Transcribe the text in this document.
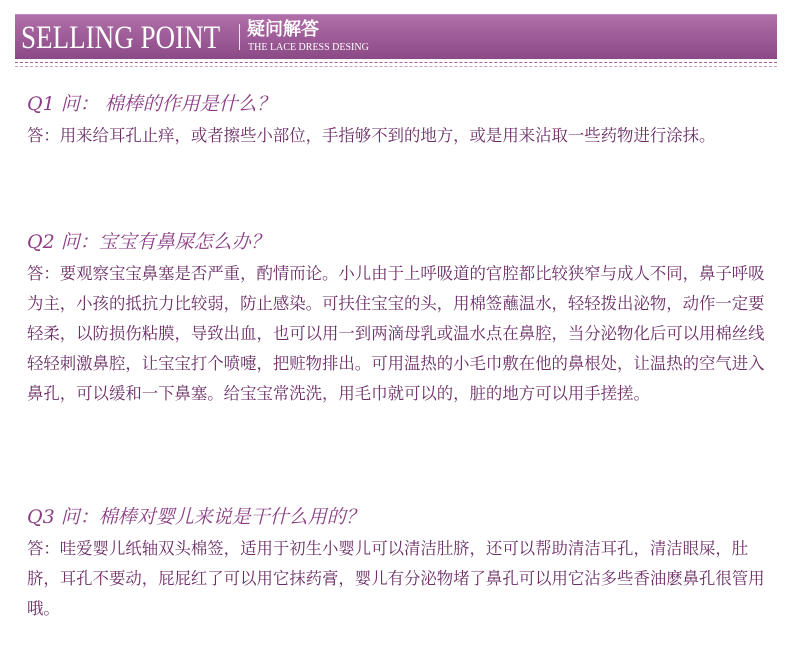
SELLING POINT 疑问解答
THE LACE DRESS DESING
Q1 问： 棉棒的作用是什么？
答：用来给耳孔止痒，或者擦些小部位，手指够不到的地方，或是用来沾取一些药物进行涂抹。
Q2 问：宝宝有鼻屎怎么办？
答：要观察宝宝鼻塞是否严重，酌情而论。小儿由于上呼吸道的官腔都比较狭窄与成人不同，鼻子呼吸为主，小孩的抵抗力比较弱，防止感染。可扶住宝宝的头，用棉签蘸温水，轻轻拨出泌物，动作一定要轻柔，以防损伤粘膜，导致出血，也可以用一到两滴母乳或温水点在鼻腔，当分泌物化后可以用棉丝线轻轻刺激鼻腔，让宝宝打个喷嚏，把赃物排出。可用温热的小毛巾敷在他的鼻根处，让温热的空气进入鼻孔，可以缓和一下鼻塞。给宝宝常洗洗，用毛巾就可以的，脏的地方可以用手搓搓。
Q3 问：棉棒对婴儿来说是干什么用的？
答：哇爱婴儿纸轴双头棉签，适用于初生小婴儿可以清洁肚脐，还可以帮助清洁耳孔，清洁眼屎，肚脐，耳孔不要动，屁屁红了可以用它抹药膏，婴儿有分泌物堵了鼻孔可以用它沾多些香油麽鼻孔很管用哦。
